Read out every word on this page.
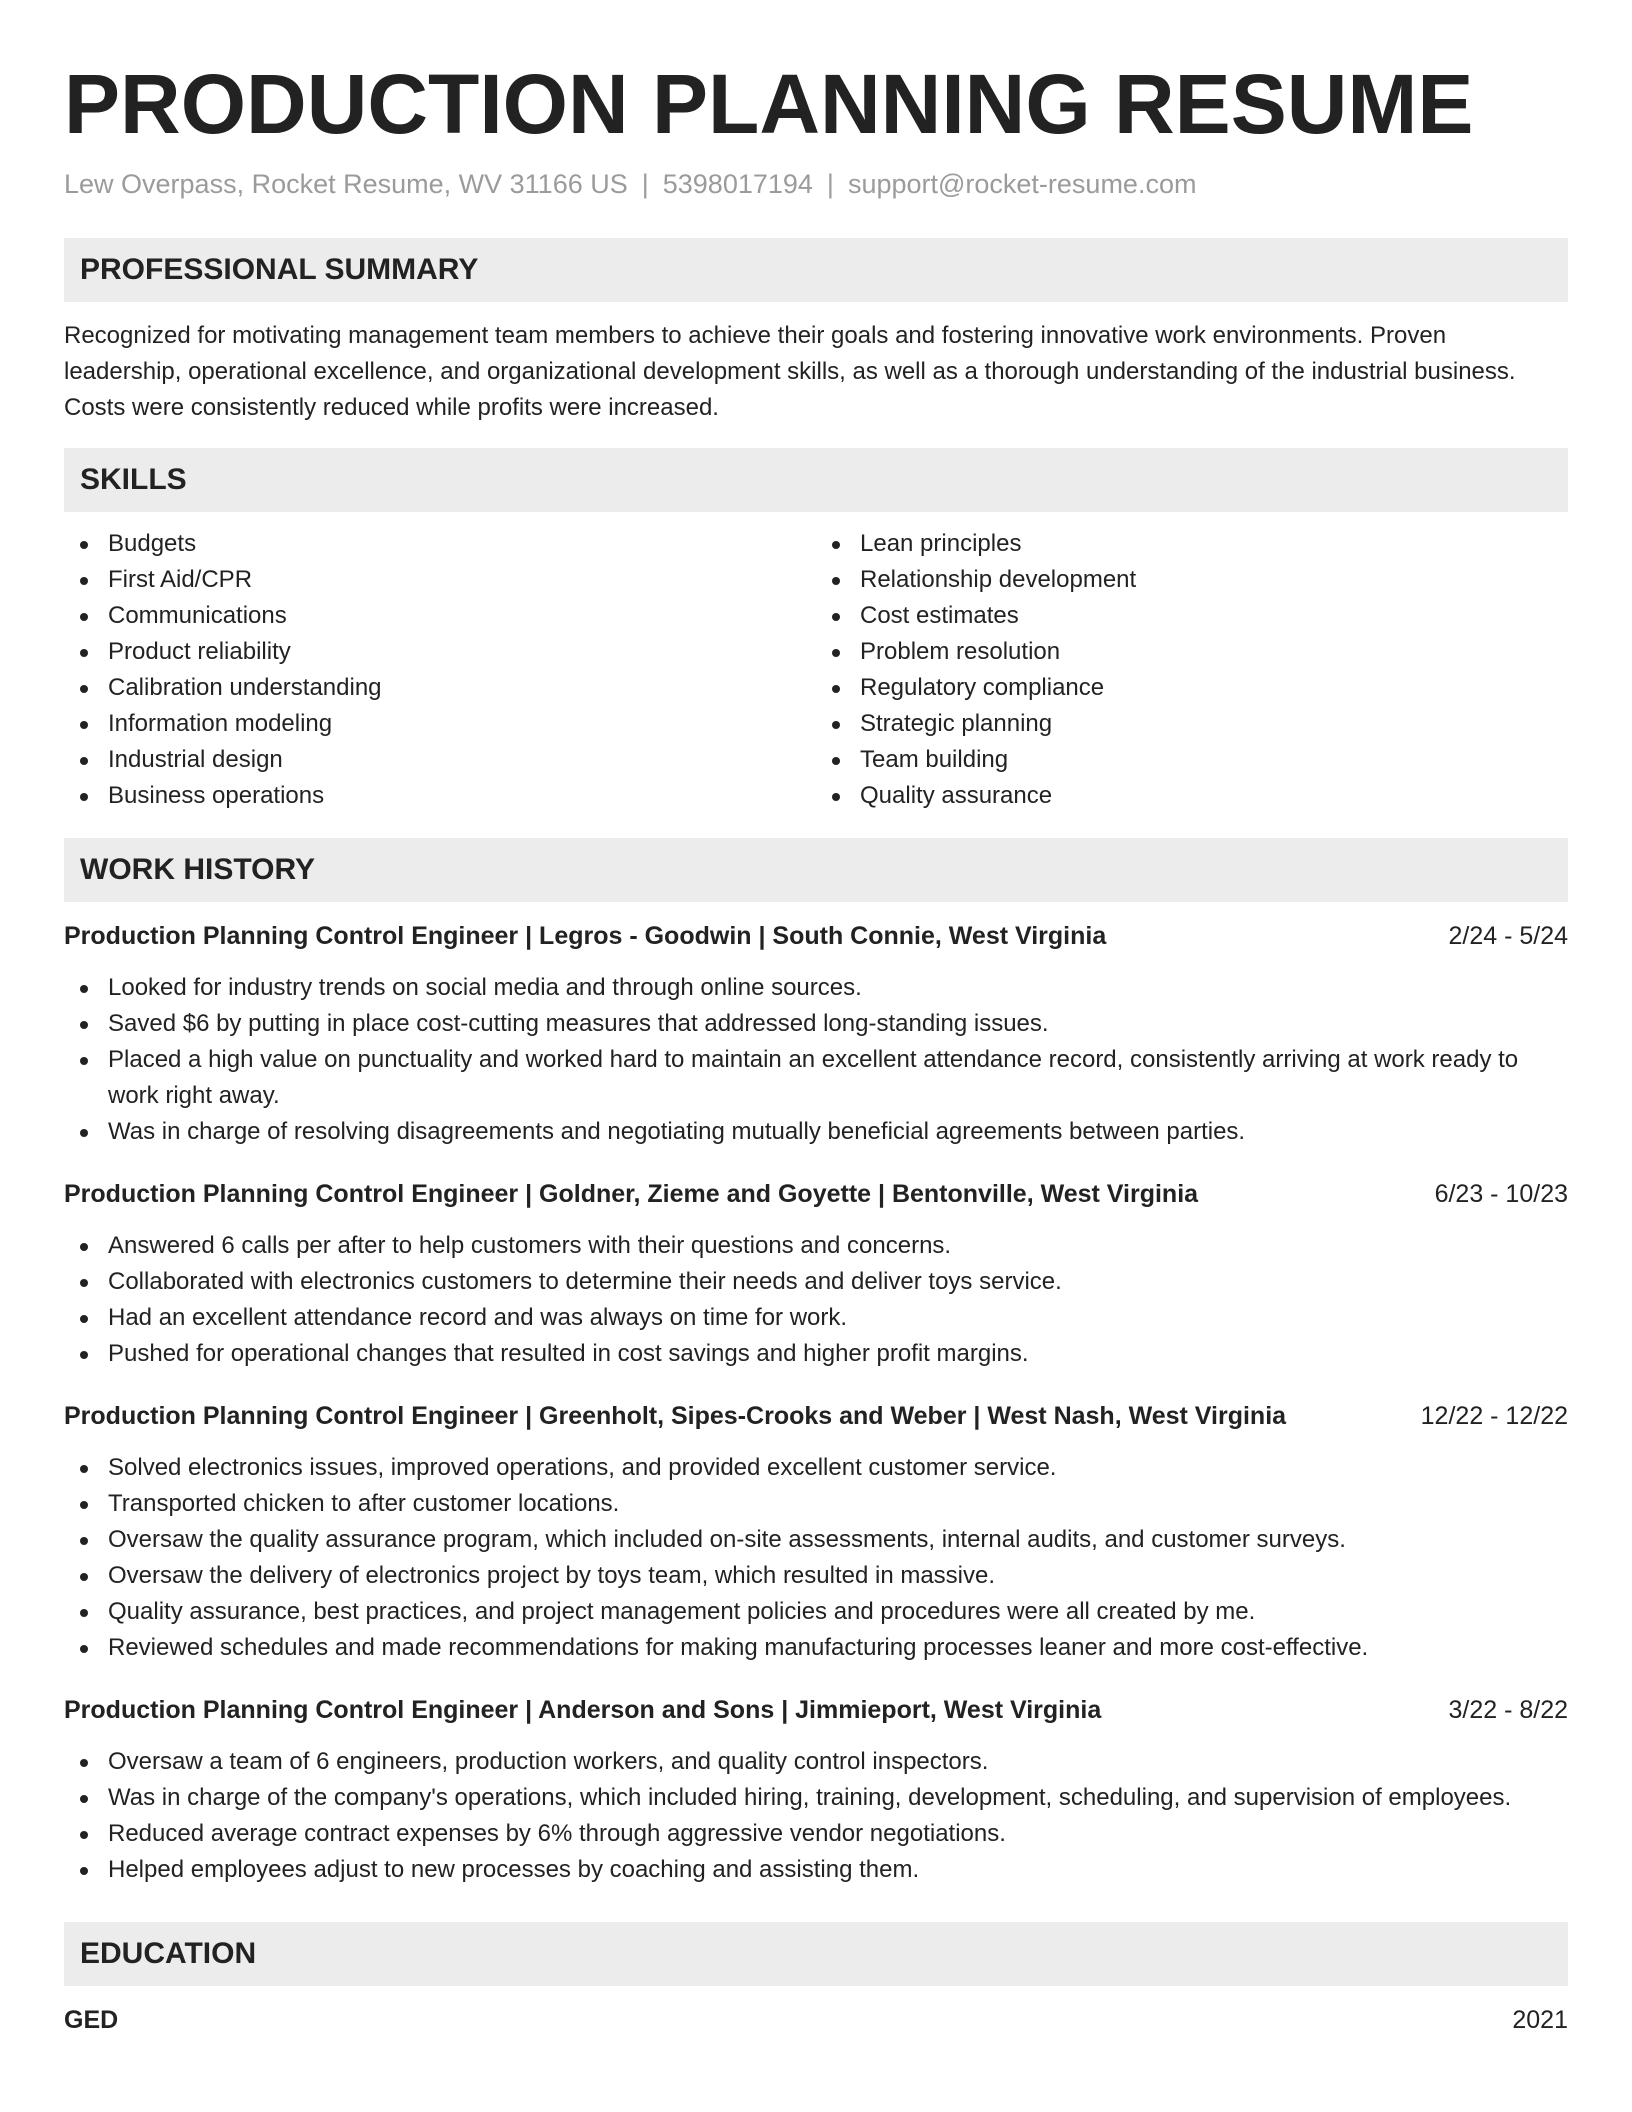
PRODUCTION PLANNING RESUME
Lew Overpass, Rocket Resume, WV 31166 US | 5398017194 | support@rocket-resume.com
PROFESSIONAL SUMMARY

Recognized for motivating management team members to achieve their goals and fostering innovative work environments. Proven leadership, operational excellence, and organizational development skills, as well as a thorough understanding of the industrial business. Costs were consistently reduced while profits were increased.

SKILLS
Budgets
First Aid/CPR
Communications
Product reliability
Calibration understanding
Information modeling
Industrial design
Business operations
Lean principles
Relationship development
Cost estimates
Problem resolution
Regulatory compliance
Strategic planning
Team building
Quality assurance
WORK HISTORY
Production Planning Control Engineer | Legros - Goodwin | South Connie, West Virginia	2/24 - 5/24
Looked for industry trends on social media and through online sources.
Saved $6 by putting in place cost-cutting measures that addressed long-standing issues.
Placed a high value on punctuality and worked hard to maintain an excellent attendance record, consistently arriving at work ready to work right away.
Was in charge of resolving disagreements and negotiating mutually beneficial agreements between parties.
Production Planning Control Engineer | Goldner, Zieme and Goyette | Bentonville, West Virginia	6/23 - 10/23
Answered 6 calls per after to help customers with their questions and concerns.
Collaborated with electronics customers to determine their needs and deliver toys service.
Had an excellent attendance record and was always on time for work.
Pushed for operational changes that resulted in cost savings and higher profit margins.
Production Planning Control Engineer | Greenholt, Sipes-Crooks and Weber | West Nash, West Virginia	12/22 - 12/22
Solved electronics issues, improved operations, and provided excellent customer service.
Transported chicken to after customer locations.
Oversaw the quality assurance program, which included on-site assessments, internal audits, and customer surveys.
Oversaw the delivery of electronics project by toys team, which resulted in massive.
Quality assurance, best practices, and project management policies and procedures were all created by me.
Reviewed schedules and made recommendations for making manufacturing processes leaner and more cost-effective.
Production Planning Control Engineer | Anderson and Sons | Jimmieport, West Virginia	3/22 - 8/22
Oversaw a team of 6 engineers, production workers, and quality control inspectors.
Was in charge of the company's operations, which included hiring, training, development, scheduling, and supervision of employees.
Reduced average contract expenses by 6% through aggressive vendor negotiations.
Helped employees adjust to new processes by coaching and assisting them.
EDUCATION
GED	2021
